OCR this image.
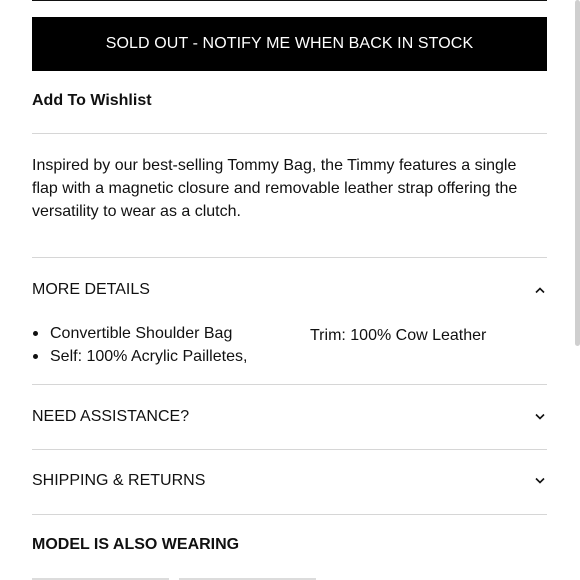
SOLD OUT - NOTIFY ME WHEN BACK IN STOCK
Add To Wishlist

Inspired by our best-selling Tommy Bag, the Timmy features a single flap with a magnetic closure and removable leather strap offering the versatility to wear as a clutch.

MORE DETAILS
Convertible Shoulder Bag
Self: 100% Acrylic Pailletes,
Trim: 100% Cow Leather
NEED ASSISTANCE?
SHIPPING & RETURNS
MODEL IS ALSO WEARING
